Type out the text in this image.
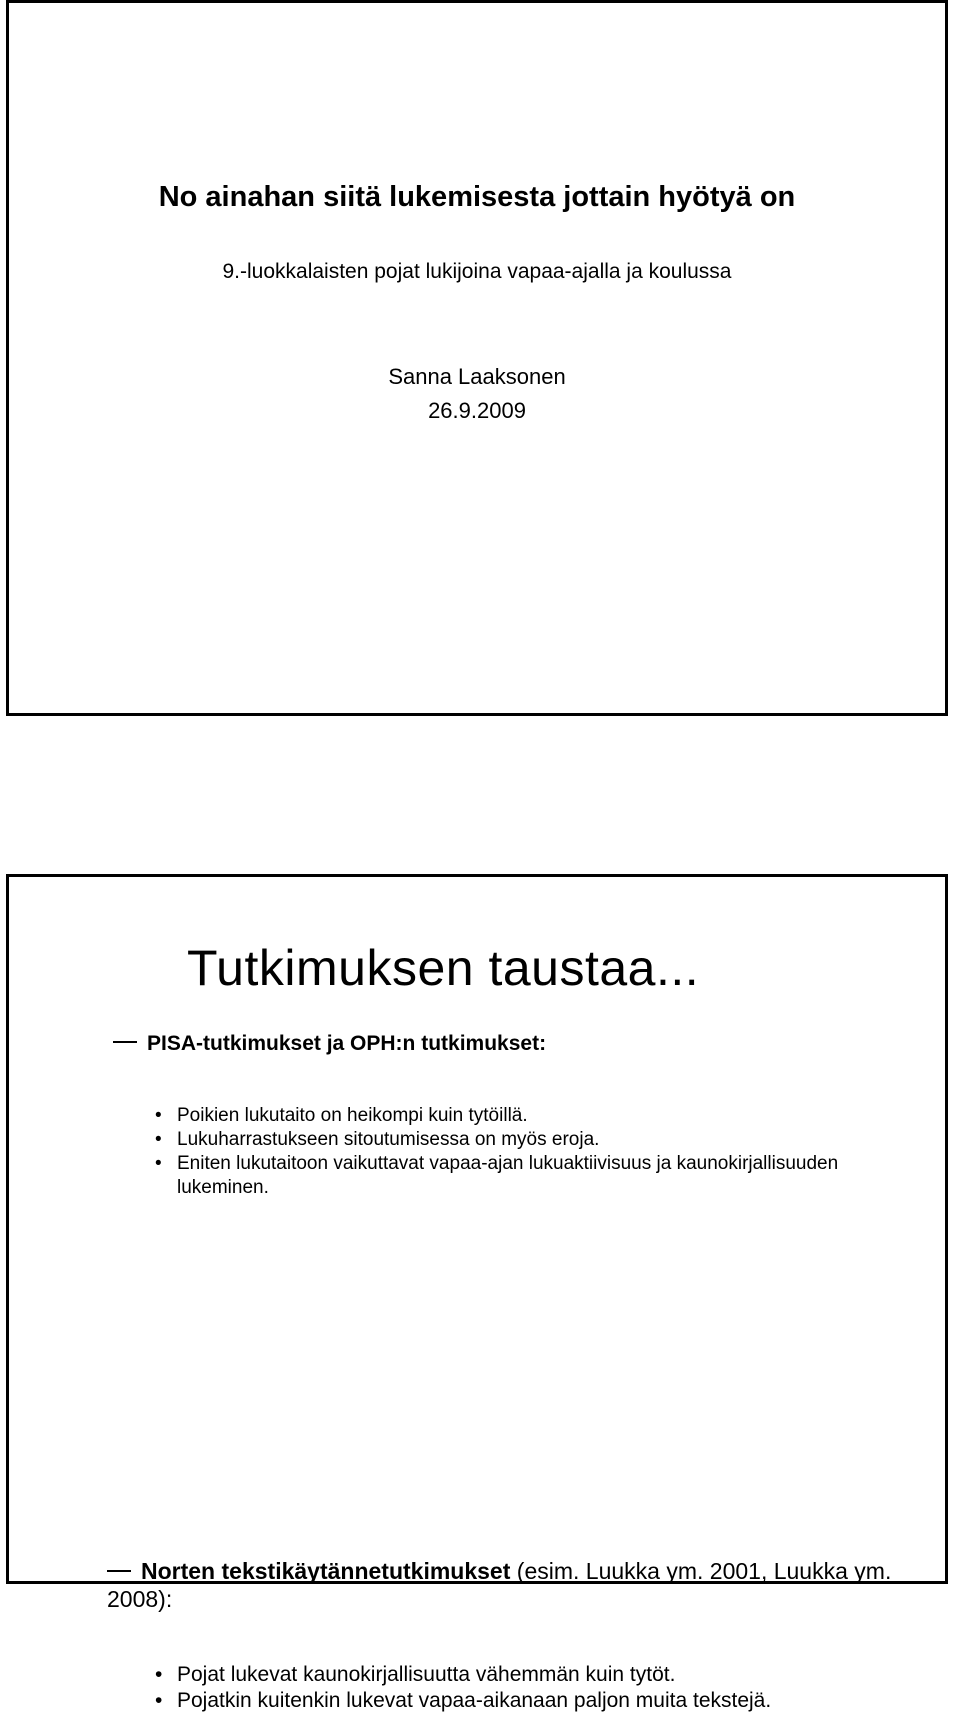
No ainahan siitä lukemisesta jottain hyötyä on
9.-luokkalaisten pojat lukijoina vapaa-ajalla ja koulussa
Sanna Laaksonen
26.9.2009
Tutkimuksen taustaa...
PISA-tutkimukset ja OPH:n tutkimukset:
• Poikien lukutaito on heikompi kuin tytöillä.
• Lukuharrastukseen sitoutumisessa on myös eroja.
• Eniten lukutaitoon vaikuttavat vapaa-ajan lukuaktiivisuus ja kaunokirjallisuuden lukeminen.
Norten tekstikäytännetutkimukset (esim. Luukka ym. 2001, Luukka ym. 2008):
• Pojat lukevat kaunokirjallisuutta vähemmän kuin tytöt.
• Pojatkin kuitenkin lukevat vapaa-aikanaan paljon muita tekstejä.
